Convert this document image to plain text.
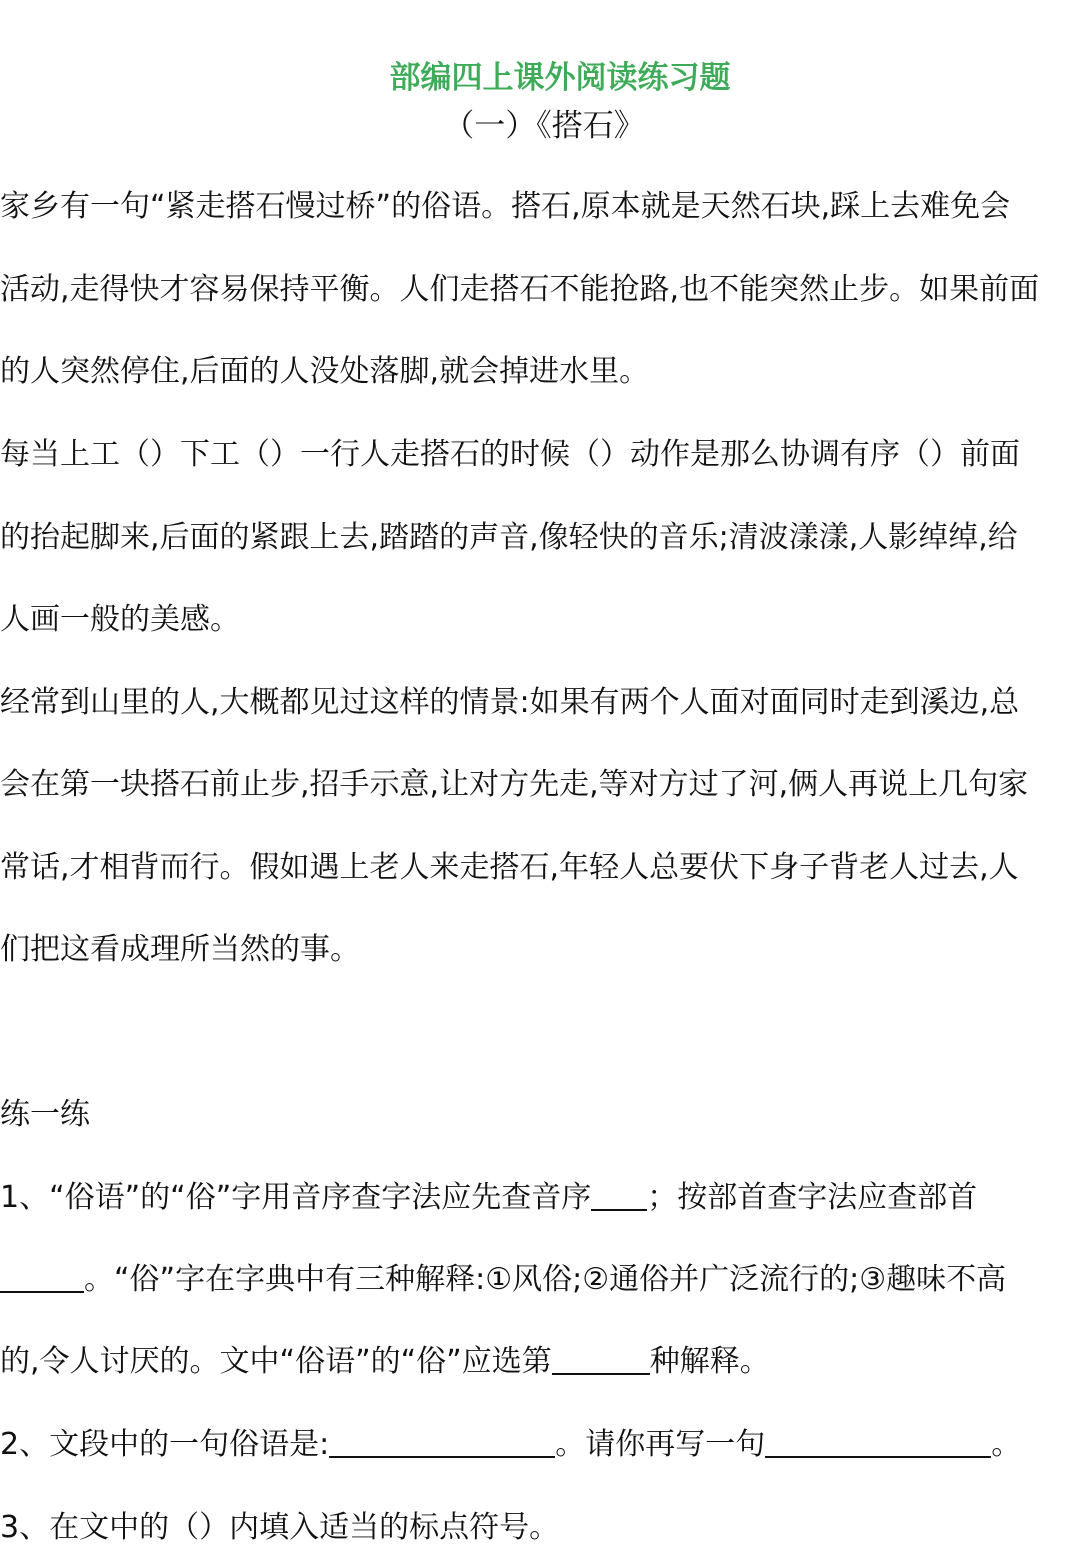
部编四上课外阅读练习题
（一）《搭石》
家乡有一句“紧走搭石慢过桥”的俗语。搭石,原本就是天然石块,踩上去难免会
活动,走得快才容易保持平衡。人们走搭石不能抢路,也不能突然止步。如果前面
的人突然停住,后面的人没处落脚,就会掉进水里。
每当上工（）下工（）一行人走搭石的时候（）动作是那么协调有序（）前面
的抬起脚来,后面的紧跟上去,踏踏的声音,像轻快的音乐;清波漾漾,人影绰绰,给
人画一般的美感。
经常到山里的人,大概都见过这样的情景:如果有两个人面对面同时走到溪边,总
会在第一块搭石前止步,招手示意,让对方先走,等对方过了河,俩人再说上几句家
常话,才相背而行。假如遇上老人来走搭石,年轻人总要伏下身子背老人过去,人
们把这看成理所当然的事。
练一练
1、“俗语”的“俗”字用音序查字法应先查音序 ；按部首查字法应查部首
。“俗”字在字典中有三种解释:①风俗;②通俗并广泛流行的;③趣味不高
的,令人讨厌的。文中“俗语”的“俗”应选第	种解释。
2、文段中的一句俗语是:	。请你再写一句	。
3、在文中的（）内填入适当的标点符号。
